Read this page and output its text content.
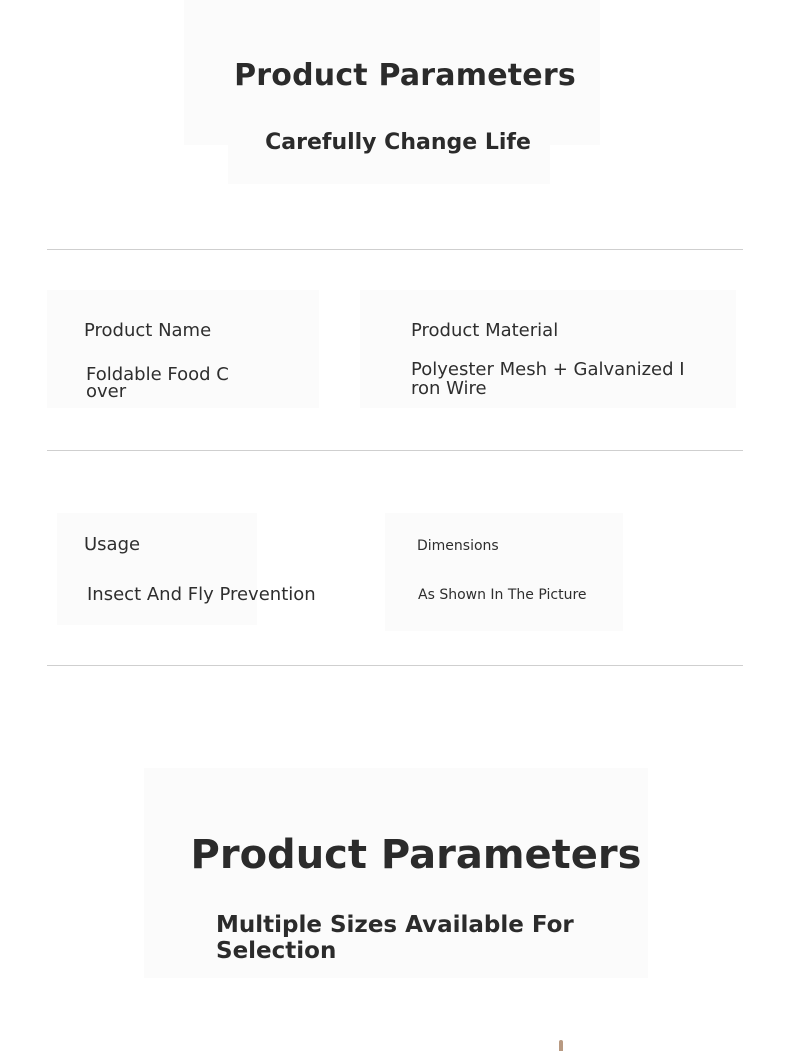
Product Parameters
Carefully Change Life
Product Name
Foldable Food Cover
Product Material
Polyester Mesh + Galvanized Iron Wire
Usage
Insect And Fly Prevention
Dimensions
As Shown In The Picture
Product Parameters
Multiple Sizes Available For Selection
